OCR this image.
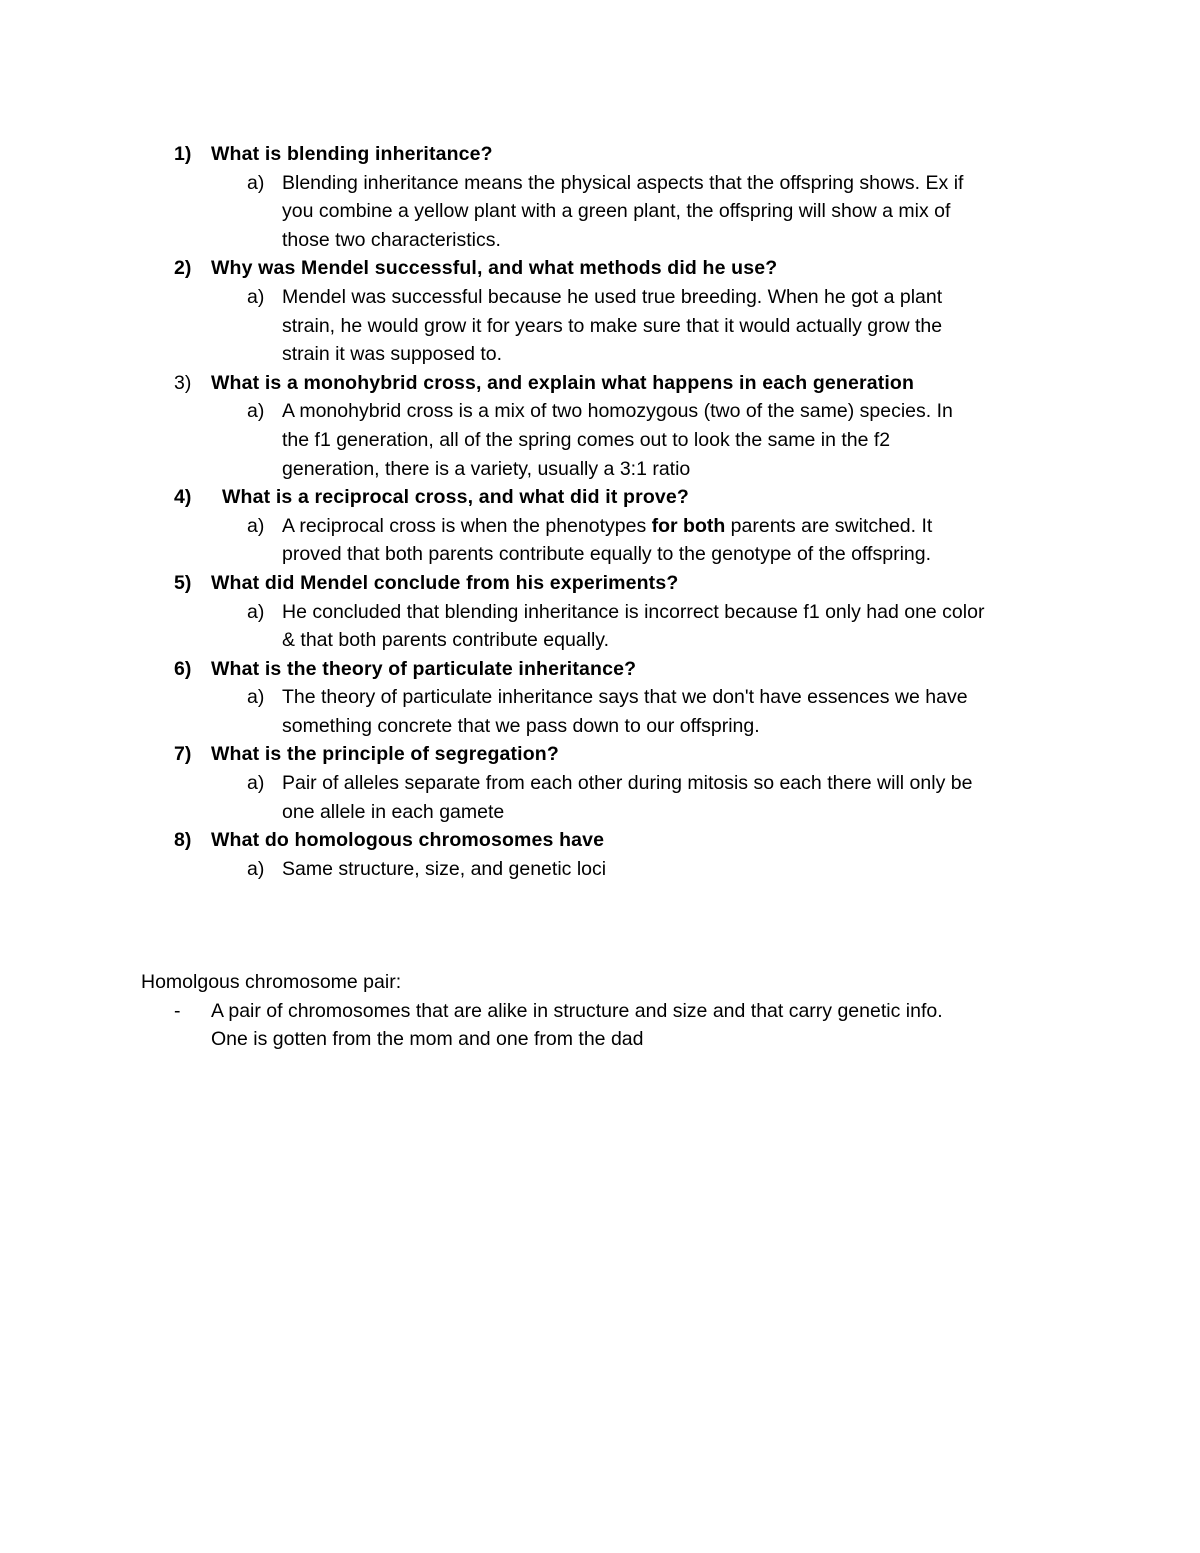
1) What is blending inheritance?
a) Blending inheritance means the physical aspects that the offspring shows. Ex if
you combine a yellow plant with a green plant, the offspring will show a mix of
those two characteristics.
2) Why was Mendel successful, and what methods did he use?
a) Mendel was successful because he used true breeding. When he got a plant
strain, he would grow it for years to make sure that it would actually grow the
strain it was supposed to.
3) What is a monohybrid cross, and explain what happens in each generation
a) A monohybrid cross is a mix of two homozygous (two of the same) species. In
the f1 generation, all of the spring comes out to look the same in the f2
generation, there is a variety, usually a 3:1 ratio
4) What is a reciprocal cross, and what did it prove?
a) A reciprocal cross is when the phenotypes for both parents are switched. It
proved that both parents contribute equally to the genotype of the offspring.
5) What did Mendel conclude from his experiments?
a) He concluded that blending inheritance is incorrect because f1 only had one color
& that both parents contribute equally.
6) What is the theory of particulate inheritance?
a) The theory of particulate inheritance says that we don't have essences we have
something concrete that we pass down to our offspring.
7) What is the principle of segregation?
a) Pair of alleles separate from each other during mitosis so each there will only be
one allele in each gamete
8) What do homologous chromosomes have
a) Same structure, size, and genetic loci
Homolgous chromosome pair:
- A pair of chromosomes that are alike in structure and size and that carry genetic info.
One is gotten from the mom and one from the dad
